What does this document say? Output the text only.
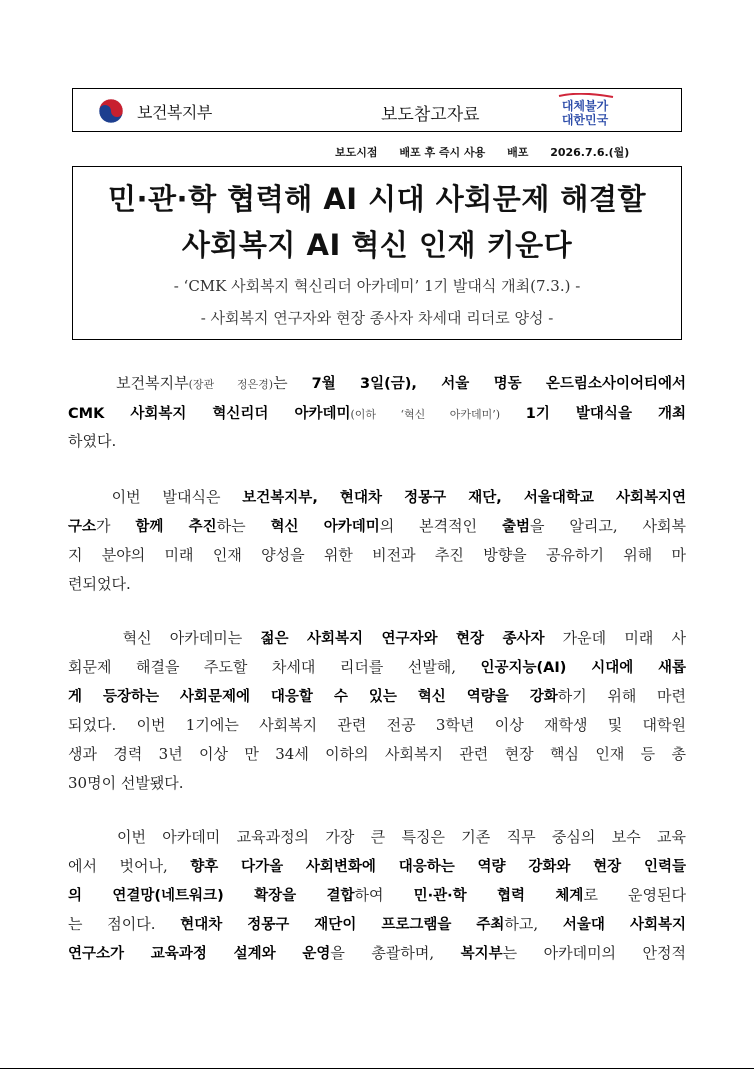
보건복지부	보도참고자료	대체불가
대한민국
보도시점 배포 후 즉시 사용 배포 2026.7.6.(월)
민·관·학 협력해 AI 시대 사회문제 해결할
사회복지 AI 혁신 인재 키운다
- ‘CMK 사회복지 혁신리더 아카데미’ 1기 발대식 개최(7.3.) -
- 사회복지 연구자와 현장 종사자 차세대 리더로 양성 -
보건복지부(장관 정은경)는 7월 3일(금), 서울 명동 온드림소사이어티에서
CMK 사회복지 혁신리더 아카데미(이하 ‘혁신 아카데미’) 1기 발대식을 개최
하였다.
이번 발대식은 보건복지부, 현대차 정몽구 재단, 서울대학교 사회복지연
구소가 함께 추진하는 혁신 아카데미의 본격적인 출범을 알리고, 사회복
지 분야의 미래 인재 양성을 위한 비전과 추진 방향을 공유하기 위해 마
련되었다.
혁신 아카데미는 젊은 사회복지 연구자와 현장 종사자 가운데 미래 사
회문제 해결을 주도할 차세대 리더를 선발해, 인공지능(AI) 시대에 새롭
게 등장하는 사회문제에 대응할 수 있는 혁신 역량을 강화하기 위해 마련
되었다. 이번 1기에는 사회복지 관련 전공 3학년 이상 재학생 및 대학원
생과 경력 3년 이상 만 34세 이하의 사회복지 관련 현장 핵심 인재 등 총
30명이 선발됐다.
이번 아카데미 교육과정의 가장 큰 특징은 기존 직무 중심의 보수 교육
에서 벗어나, 향후 다가올 사회변화에 대응하는 역량 강화와 현장 인력들
의 연결망(네트워크) 확장을 결합하여 민·관·학 협력 체계로 운영된다
는 점이다. 현대차 정몽구 재단이 프로그램을 주최하고, 서울대 사회복지
연구소가 교육과정 설계와 운영을 총괄하며, 복지부는 아카데미의 안정적
